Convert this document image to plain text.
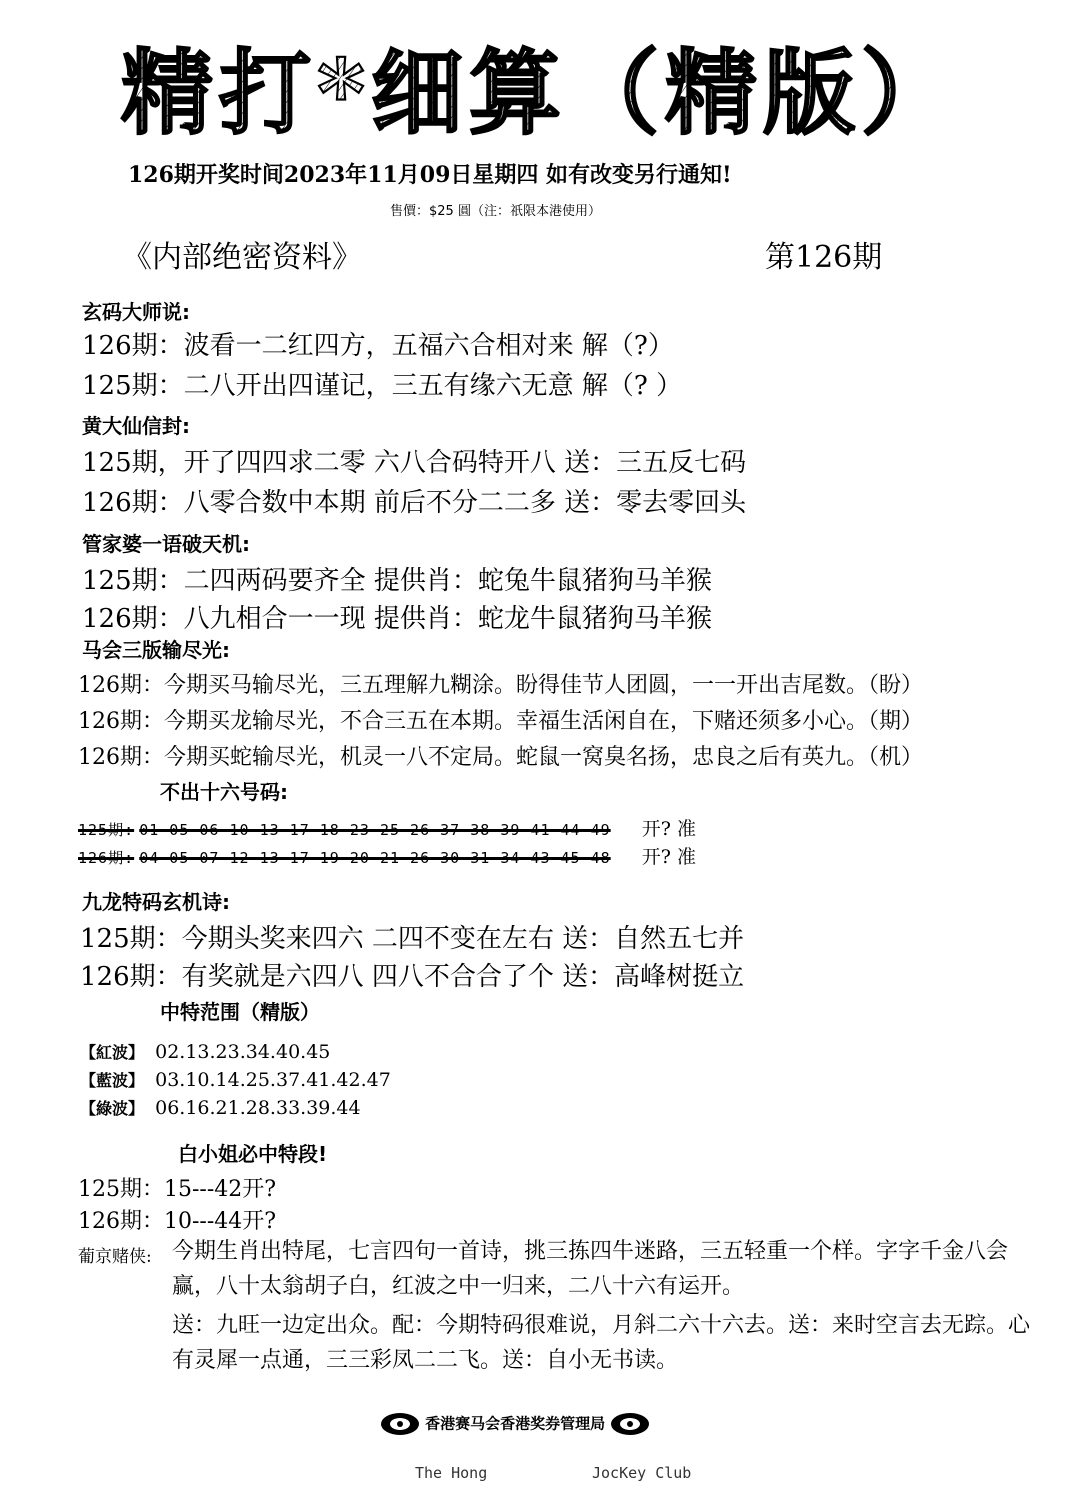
精打*细算（精版）
126期开奖时间2023年11月09日星期四 如有改变另行通知!
售價：$25 圓（注：祇限本港使用）
《内部绝密资料》	第126期
玄码大师说:
126期：波看一二红四方，五福六合相对来 解（?）
125期：二八开出四谨记，三五有缘六无意 解（? ）
黄大仙信封:
125期，开了四四求二零 六八合码特开八 送：三五反七码
126期：八零合数中本期 前后不分二二多 送：零去零回头
管家婆一语破天机:
125期：二四两码要齐全 提供肖：蛇兔牛鼠猪狗马羊猴
126期：八九相合一一现 提供肖：蛇龙牛鼠猪狗马羊猴
马会三版输尽光:
126期：今期买马输尽光，三五理解九糊涂。盼得佳节人团圆，一一开出吉尾数。（盼）
126期：今期买龙输尽光，不合三五在本期。幸福生活闲自在，下赌还须多小心。（期）
126期：今期买蛇输尽光，机灵一八不定局。蛇鼠一窝臭名扬，忠良之后有英九。（机）
不出十六号码:
125期: 01 05 06 10 13 17 18 23 25 26 37 38 39 41 44 49 开? 准
126期: 04 05 07 12 13 17 19 20 21 26 30 31 34 43 45 48 开? 准
九龙特码玄机诗:
125期：今期头奖来四六 二四不变在左右 送：自然五七并
126期：有奖就是六四八 四八不合合了个 送：高峰树挺立
中特范围（精版）
【紅波】 02.13.23.34.40.45
【藍波】 03.10.14.25.37.41.42.47
【綠波】 06.16.21.28.33.39.44
白小姐必中特段!
125期：15---42开?
126期：10---44开?
葡京赌侠: 今期生肖出特尾，七言四句一首诗，挑三拣四牛迷路，三五轻重一个样。字字千金八会赢，八十太翁胡子白，红波之中一归来，二八十六有运开。
送：九旺一边定出众。配：今期特码很难说，月斜二六十六去。送：来时空言去无踪。心有灵犀一点通，三三彩凤二二飞。送：自小无书读。
香港赛马会香港奖券管理局
The Hong	JocKey Club
